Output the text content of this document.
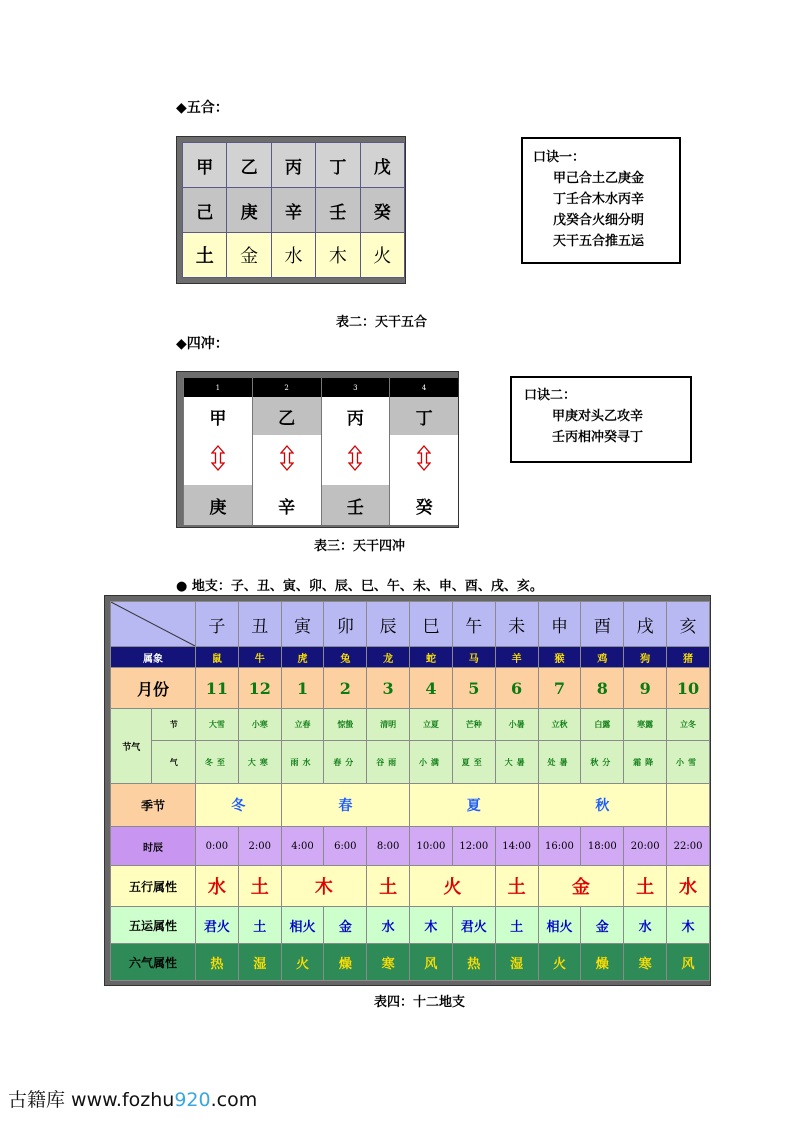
◆五合：
甲	乙	丙	丁	戊
己	庚	辛	壬	癸
土	金	水	木	火
口诀一：
甲己合土乙庚金
丁壬合木水丙辛
戊癸合火细分明
天干五合推五运
表二：天干五合
◆四冲：
1	2	3	4
甲	乙	丙	丁

庚	辛	壬	癸
口诀二：
甲庚对头乙攻辛
壬丙相冲癸寻丁
表三：天干四冲
● 地支：子、丑、寅、卯、辰、巳、午、未、申、酉、戌、亥。
	子	丑	寅	卯	辰	巳	午	未	申	酉	戌	亥
属象		鼠	牛	虎	兔	龙	蛇	马	羊	猴	鸡	狗	猪
月份		11	12	1	2	3	4	5	6	7	8	9	10
节气	节	大雪	小寒	立春	惊蛰	清明	立夏	芒种	小暑	立秋	白露	寒露	立冬
	气	冬至	大寒	雨水	春分	谷雨	小满	夏至	大暑	处暑	秋分	霜降	小雪
季节		冬		春			夏			秋			
时辰		0:00	2:00	4:00	6:00	8:00	10:00	12:00	14:00	16:00	18:00	20:00	22:00
五行属性		水	土	木		土	火		土	金		土	水
五运属性		君火	土	相火	金	水	木	君火	土	相火	金	水	木
六气属性		热	湿	火	燥	寒	风	热	湿	火	燥	寒	风
表四：十二地支
古籍库 www.fozhu920.com
